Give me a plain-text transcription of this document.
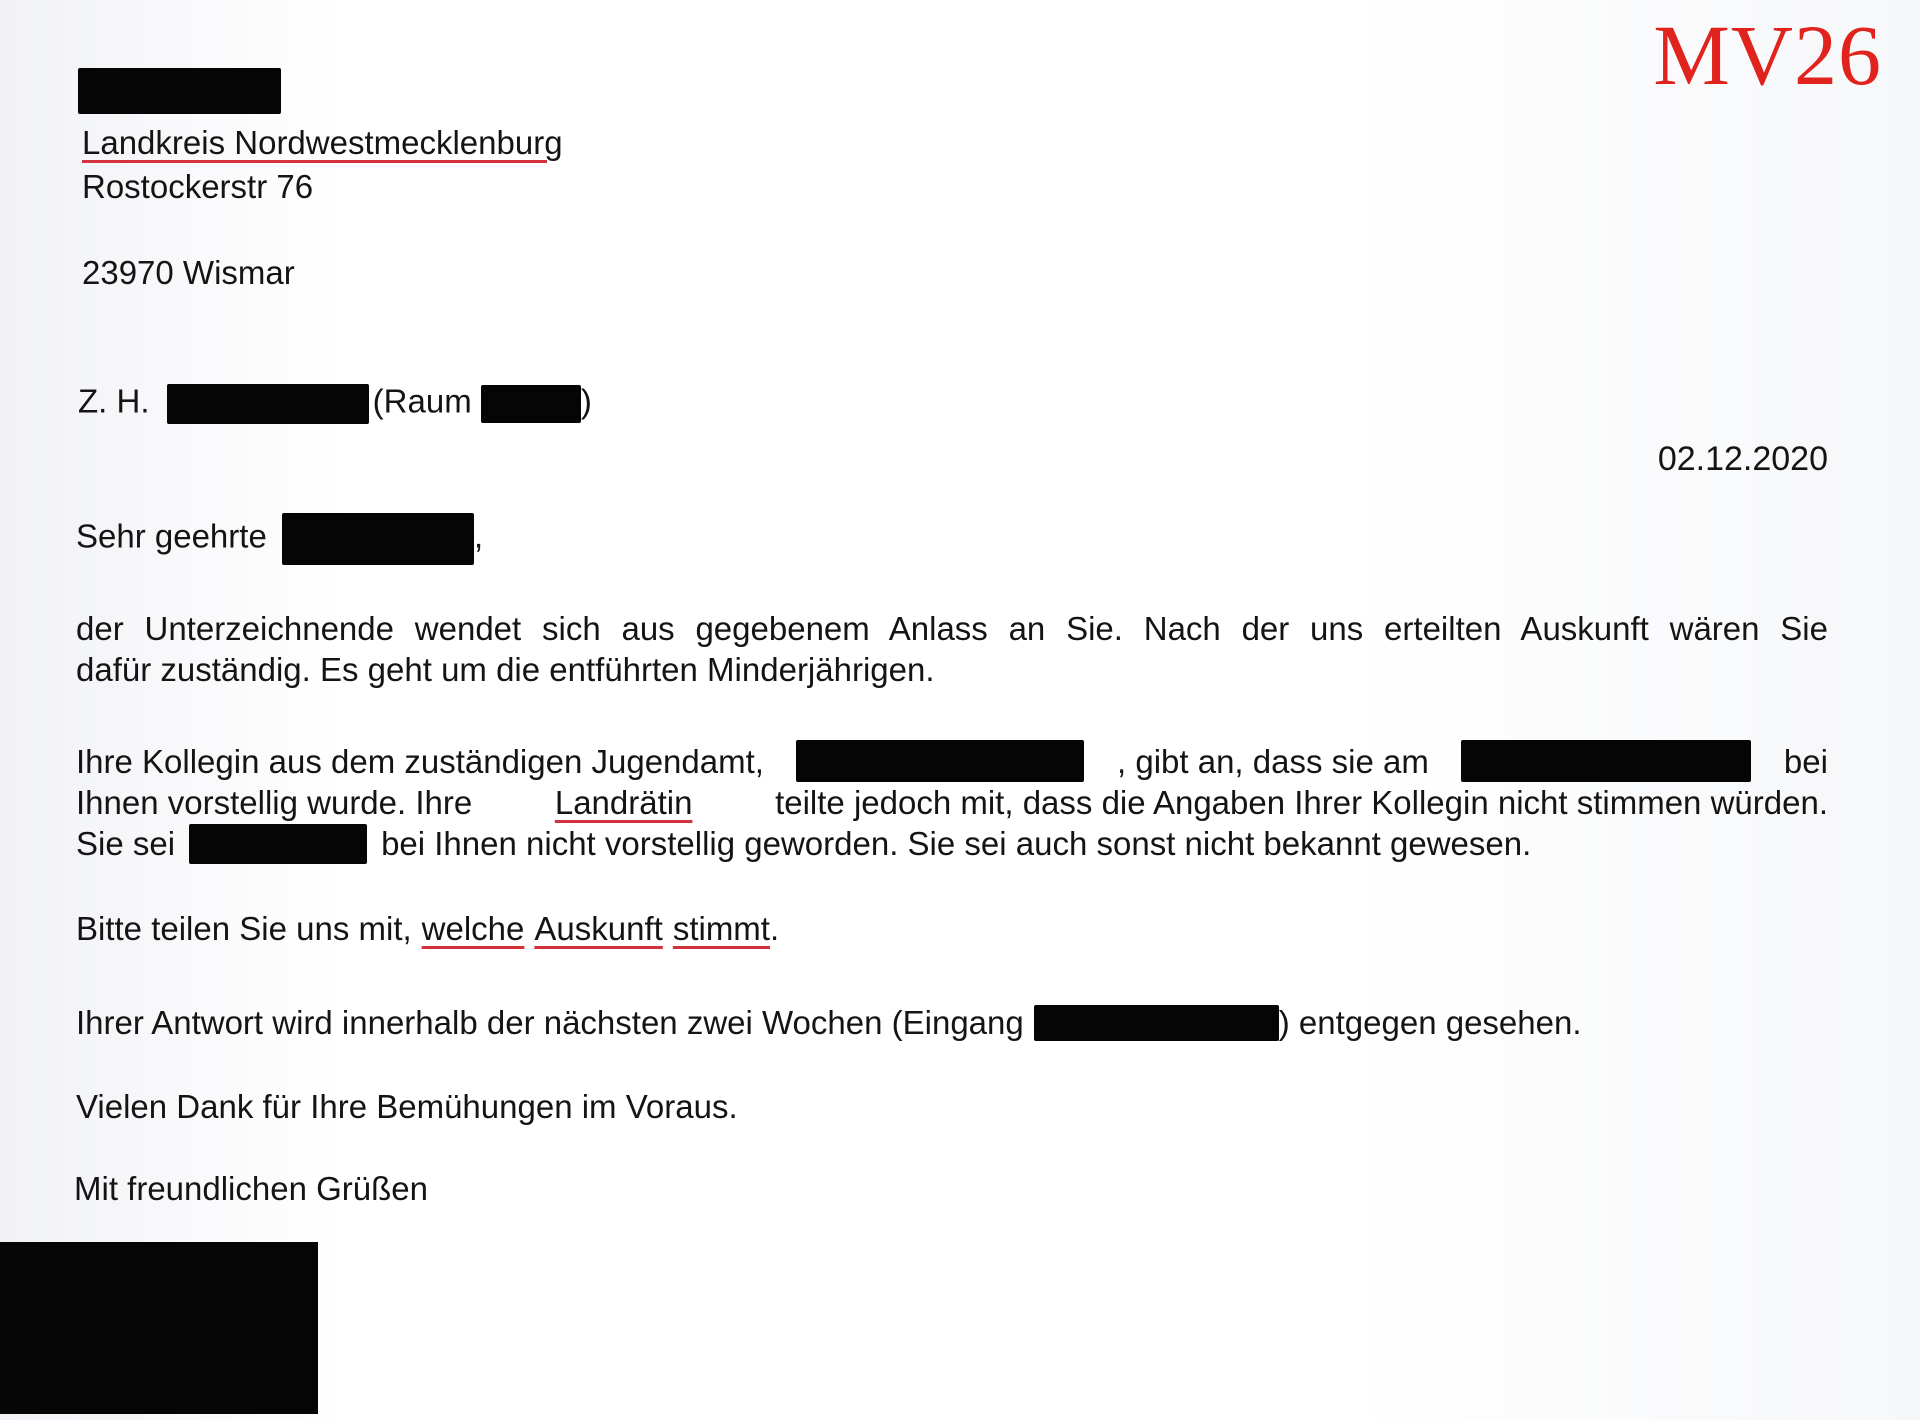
MV26
Landkreis Nordwestmecklenburg
Rostockerstr 76
23970 Wismar
Z. H.	(Raum	)
02.12.2020
Sehr geehrte	,
der Unterzeichnende wendet sich aus gegebenem Anlass an Sie. Nach der uns erteilten Auskunft wären Sie
dafür zuständig. Es geht um die entführten Minderjährigen.
Ihre Kollegin aus dem zuständigen Jugendamt,	, gibt an, dass sie am	bei
Ihnen vorstellig wurde. Ihre	Landrätin	teilte jedoch mit, dass die Angaben Ihrer Kollegin nicht stimmen würden.
Sie sei	bei Ihnen nicht vorstellig geworden. Sie sei auch sonst nicht bekannt gewesen.
Bitte teilen Sie uns mit, welche Auskunft stimmt .
Ihrer Antwort wird innerhalb der nächsten zwei Wochen (Eingang	) entgegen gesehen.
Vielen Dank für Ihre Bemühungen im Voraus.
Mit freundlichen Grüßen
